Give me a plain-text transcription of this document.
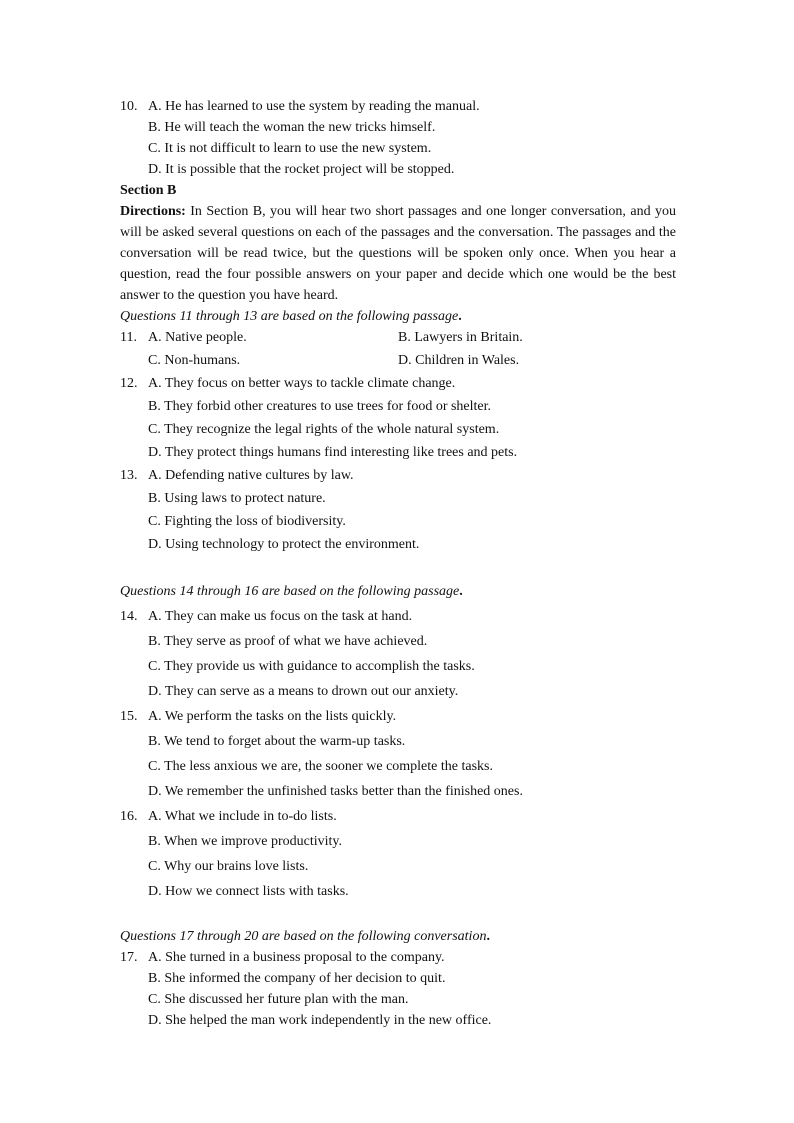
10. A. He has learned to use the system by reading the manual.
B. He will teach the woman the new tricks himself.
C. It is not difficult to learn to use the new system.
D. It is possible that the rocket project will be stopped.
Section B
Directions: In Section B, you will hear two short passages and one longer conversation, and you will be asked several questions on each of the passages and the conversation. The passages and the conversation will be read twice, but the questions will be spoken only once. When you hear a question, read the four possible answers on your paper and decide which one would be the best answer to the question you have heard.
Questions 11 through 13 are based on the following passage.
11. A. Native people.	B. Lawyers in Britain.
C. Non-humans.	D. Children in Wales.
12. A. They focus on better ways to tackle climate change.
B. They forbid other creatures to use trees for food or shelter.
C. They recognize the legal rights of the whole natural system.
D. They protect things humans find interesting like trees and pets.
13. A. Defending native cultures by law.
B. Using laws to protect nature.
C. Fighting the loss of biodiversity.
D. Using technology to protect the environment.
Questions 14 through 16 are based on the following passage.
14. A. They can make us focus on the task at hand.
B. They serve as proof of what we have achieved.
C. They provide us with guidance to accomplish the tasks.
D. They can serve as a means to drown out our anxiety.
15. A. We perform the tasks on the lists quickly.
B. We tend to forget about the warm-up tasks.
C. The less anxious we are, the sooner we complete the tasks.
D. We remember the unfinished tasks better than the finished ones.
16. A. What we include in to-do lists.
B. When we improve productivity.
C. Why our brains love lists.
D. How we connect lists with tasks.
Questions 17 through 20 are based on the following conversation.
17. A. She turned in a business proposal to the company.
B. She informed the company of her decision to quit.
C. She discussed her future plan with the man.
D. She helped the man work independently in the new office.
